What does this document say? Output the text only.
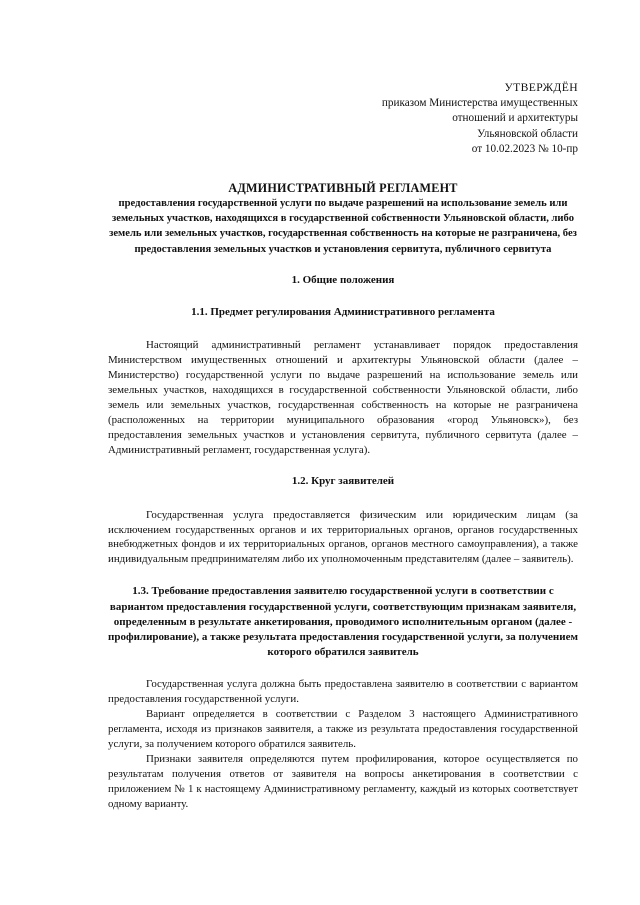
УТВЕРЖДЁН
приказом Министерства имущественных
отношений и архитектуры
Ульяновской области
от 10.02.2023 № 10-пр

АДМИНИСТРАТИВНЫЙ РЕГЛАМЕНТ

предоставления государственной услуги по выдаче разрешений на использование земель или земельных участков, находящихся в государственной собственности Ульяновской области, либо земель или земельных участков, государственная собственность на которые не разграничена, без предоставления земельных участков и установления сервитута, публичного сервитута

1. Общие положения

1.1. Предмет регулирования Административного регламента

Настоящий административный регламент устанавливает порядок предоставления Министерством имущественных отношений и архитектуры Ульяновской области (далее – Министерство) государственной услуги по выдаче разрешений на использование земель или земельных участков, находящихся в государственной собственности Ульяновской области, либо земель или земельных участков, государственная собственность на которые не разграничена (расположенных на территории муниципального образования «город Ульяновск»), без предоставления земельных участков и установления сервитута, публичного сервитута (далее – Административный регламент, государственная услуга).

1.2. Круг заявителей

Государственная услуга предоставляется физическим или юридическим лицам (за исключением государственных органов и их территориальных органов, органов государственных внебюджетных фондов и их территориальных органов, органов местного самоуправления), а также индивидуальным предпринимателям либо их уполномоченным представителям (далее – заявитель).

1.3. Требование предоставления заявителю государственной услуги в соответствии с вариантом предоставления государственной услуги, соответствующим признакам заявителя, определенным в результате анкетирования, проводимого исполнительным органом (далее - профилирование), а также результата предоставления государственной услуги, за получением которого обратился заявитель

Государственная услуга должна быть предоставлена заявителю в соответствии с вариантом предоставления государственной услуги.

Вариант определяется в соответствии с Разделом 3 настоящего Административного регламента, исходя из признаков заявителя, а также из результата предоставления государственной услуги, за получением которого обратился заявитель.

Признаки заявителя определяются путем профилирования, которое осуществляется по результатам получения ответов от заявителя на вопросы анкетирования в соответствии с приложением № 1 к настоящему Административному регламенту, каждый из которых соответствует одному варианту.
